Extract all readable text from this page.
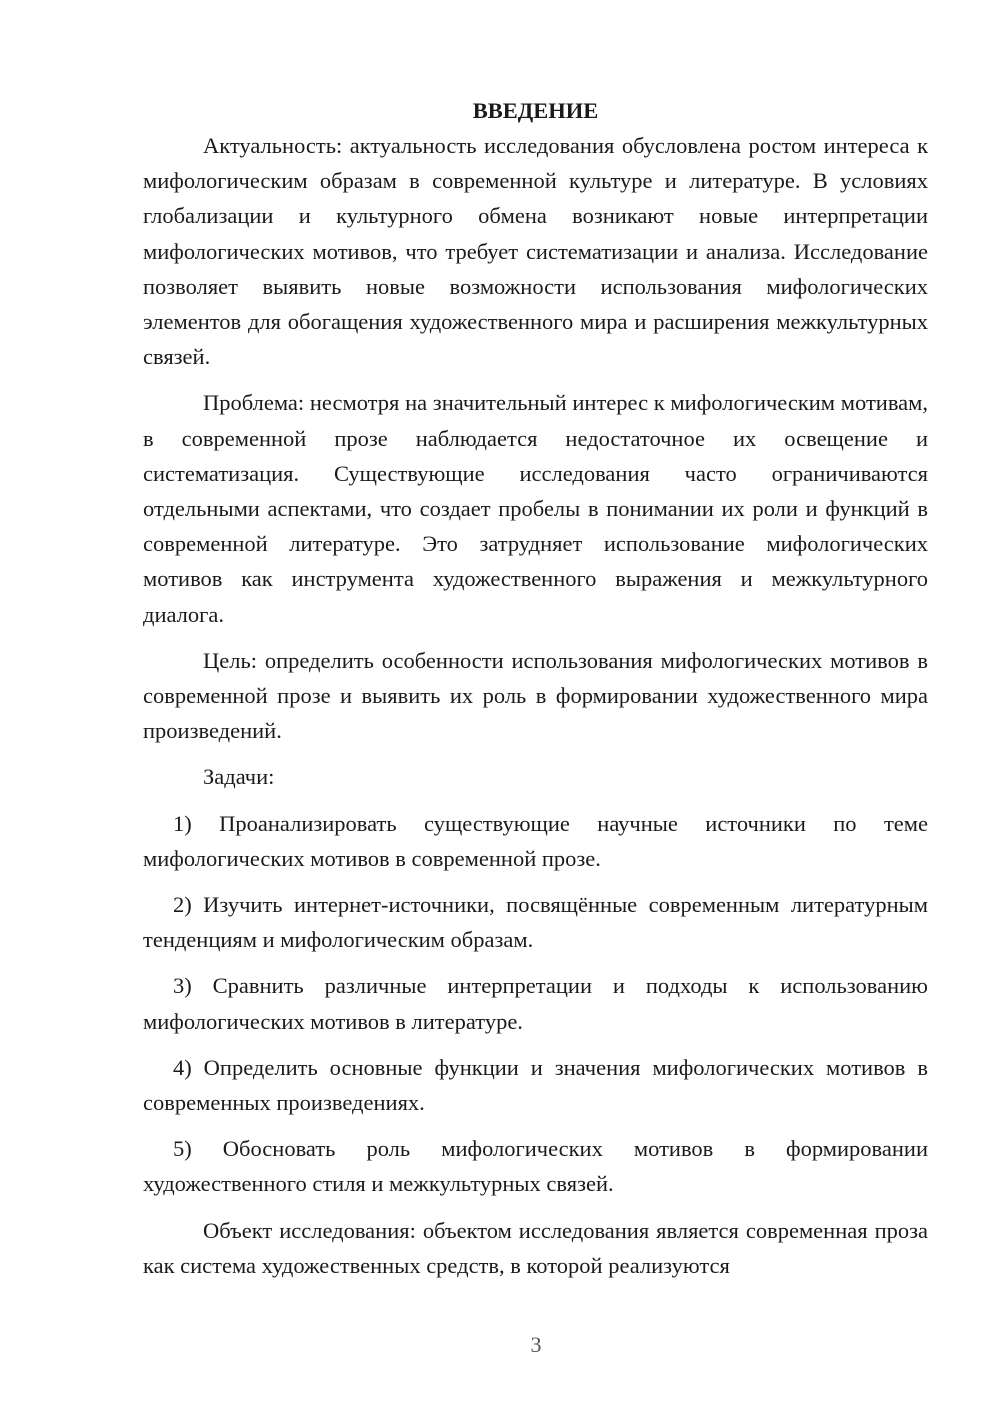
ВВЕДЕНИЕ

Актуальность: актуальность исследования обусловлена ростом интереса к мифологическим образам в современной культуре и литературе. В условиях глобализации и культурного обмена возникают новые интерпретации мифологических мотивов, что требует систематизации и анализа. Исследование позволяет выявить новые возможности использования мифологических элементов для обогащения художественного мира и расширения межкультурных связей.

Проблема: несмотря на значительный интерес к мифологическим мотивам, в современной прозе наблюдается недостаточное их освещение и систематизация. Существующие исследования часто ограничиваются отдельными аспектами, что создает пробелы в понимании их роли и функций в современной литературе. Это затрудняет использование мифологических мотивов как инструмента художественного выражения и межкультурного диалога.

Цель: определить особенности использования мифологических мотивов в современной прозе и выявить их роль в формировании художественного мира произведений.

Задачи:

1) Проанализировать существующие научные источники по теме мифологических мотивов в современной прозе.

2) Изучить интернет-источники, посвящённые современным литературным тенденциям и мифологическим образам.

3) Сравнить различные интерпретации и подходы к использованию мифологических мотивов в литературе.

4) Определить основные функции и значения мифологических мотивов в современных произведениях.

5) Обосновать роль мифологических мотивов в формировании художественного стиля и межкультурных связей.

Объект исследования: объектом исследования является современная проза как система художественных средств, в которой реализуются

3
